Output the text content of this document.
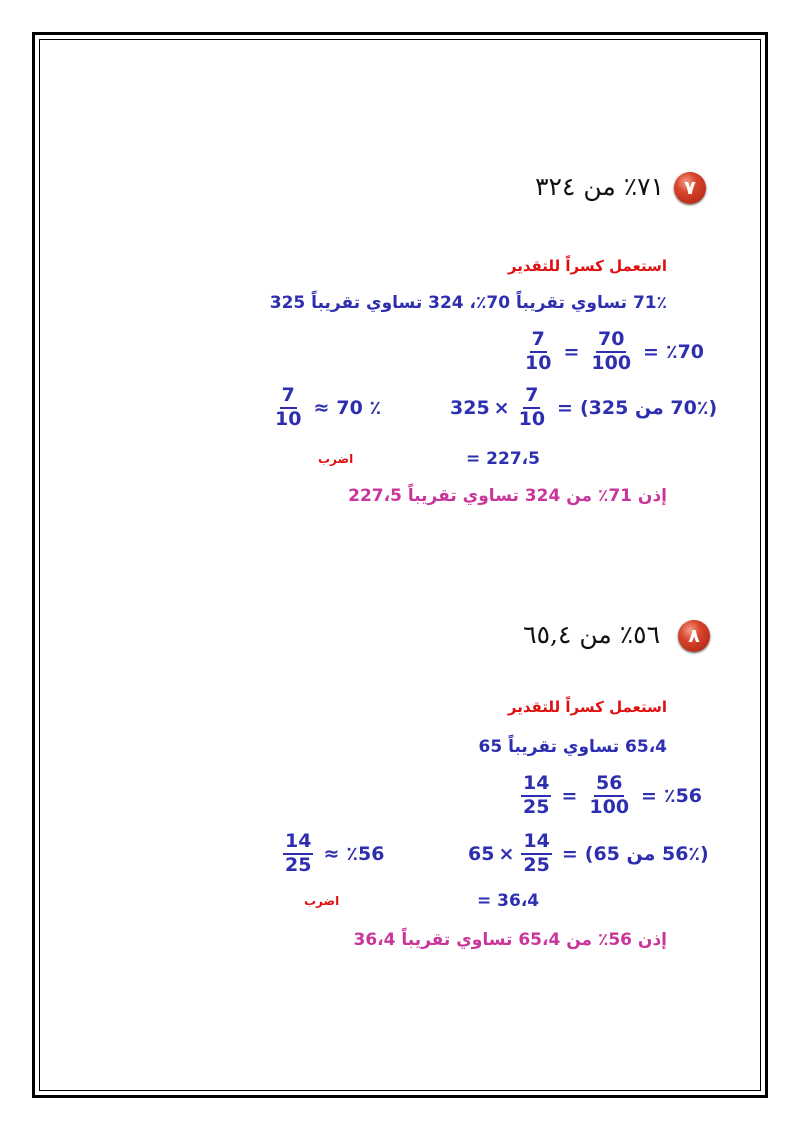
٧
٧١٪ من ٣٢٤
استعمل كسراً للتقدير
71٪ تساوي تقريباً 70٪، 324 تساوي تقريباً 325
$\frac{7}{10} = \frac{70}{100}$ = ٪70
$\frac{7}{10}$ ≈ ٪ 70	$325 \times \frac{7}{10}$ = (70٪ من 325)
227،5 =
اضرب
إذن 71٪ من 324 تساوي تقريباً 227،5
٨
٥٦٪ من ٦٥,٤
استعمل كسراً للتقدير
65،4 تساوي تقريباً 65
$\frac{14}{25} = \frac{56}{100}$ = ٪56
$\frac{14}{25}$ ≈ ٪56	$65 \times \frac{14}{25}$ = (56٪ من 65)
36،4 =
اضرب
إذن 56٪ من 65،4 تساوي تقريباً 36،4
